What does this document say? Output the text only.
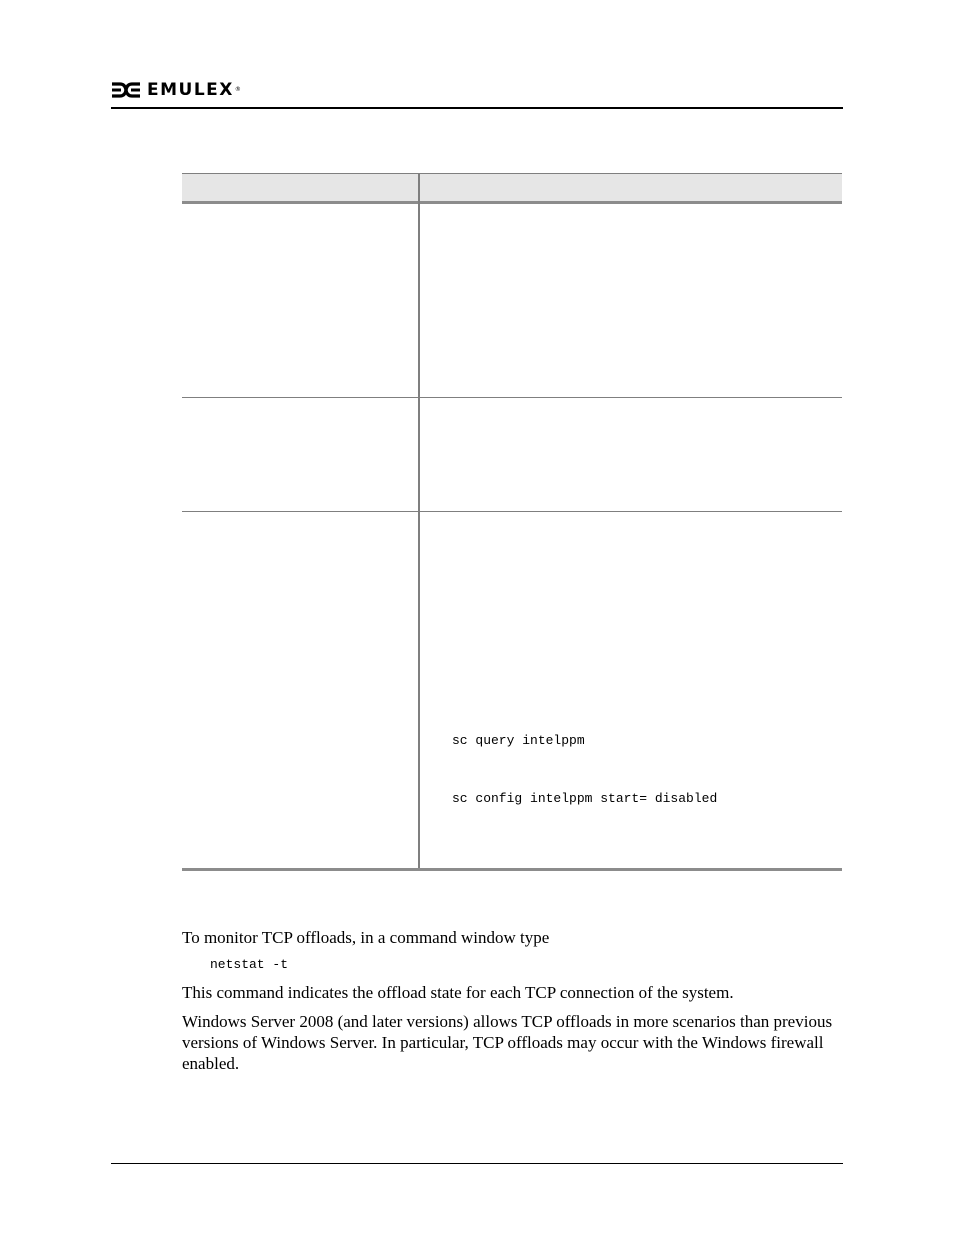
EMULEX ®
sc query intelppm
sc config intelppm start= disabled
To monitor TCP offloads, in a command window type
netstat -t
This command indicates the offload state for each TCP connection of the system.
Windows Server 2008 (and later versions) allows TCP offloads in more scenarios than previous versions of Windows Server. In particular, TCP offloads may occur with the Windows firewall enabled.
